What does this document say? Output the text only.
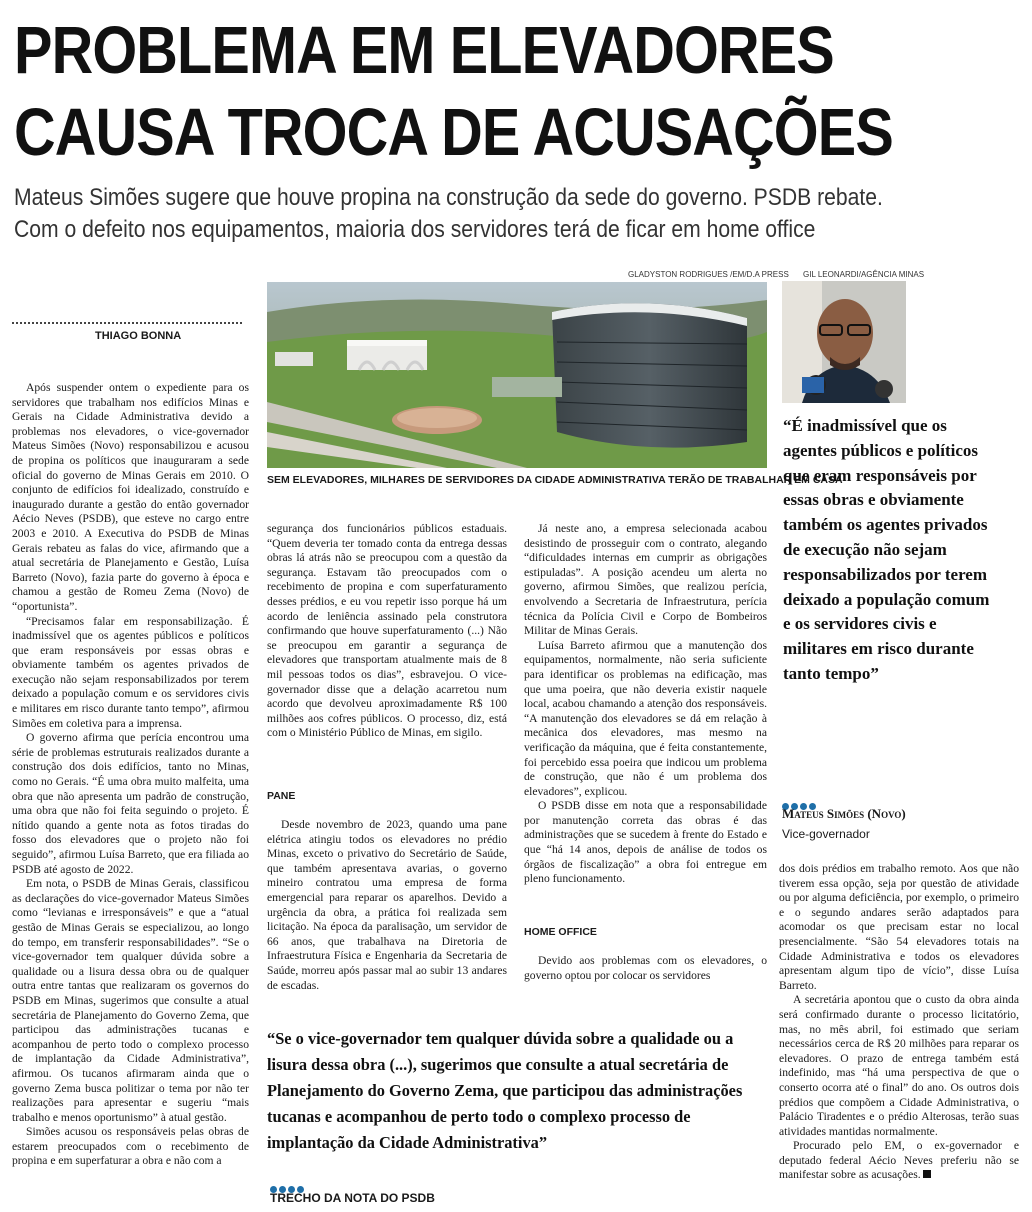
PROBLEMA EM ELEVADORES
CAUSA TROCA DE ACUSAÇÕES
Mateus Simões sugere que houve propina na construção da sede do governo. PSDB rebate.
Com o defeito nos equipamentos, maioria dos servidores terá de ficar em home office
THIAGO BONNA
GLADYSTON RODRIGUES /EM/D.A PRESS
SEM ELEVADORES, MILHARES DE SERVIDORES DA CIDADE ADMINISTRATIVA TERÃO DE TRABALHAR EM CASA
GIL LEONARDI/AGÊNCIA MINAS
“É inadmissível que os agentes públicos e políticos que eram responsáveis por essas obras e obviamente também os agentes privados de execução não sejam responsabilizados por terem deixado a população comum e os servidores civis e militares em risco durante tanto tempo”
Mateus Simões (Novo)
Vice-governador

Após suspender ontem o expediente para os servidores que trabalham nos edifícios Minas e Gerais na Cidade Administrativa devido a problemas nos elevadores, o vice-governador Mateus Simões (Novo) responsabilizou e acusou de propina os políticos que inauguraram a sede oficial do governo de Minas Gerais em 2010. O conjunto de edifícios foi idealizado, construído e inaugurado durante a gestão do então governador Aécio Neves (PSDB), que esteve no cargo entre 2003 e 2010. A Executiva do PSDB de Minas Gerais rebateu as falas do vice, afirmando que a atual secretária de Planejamento e Gestão, Luísa Barreto (Novo), fazia parte do governo à época e chamou a gestão de Romeu Zema (Novo) de “oportunista”.

“Precisamos falar em responsabilização. É inadmissível que os agentes públicos e políticos que eram responsáveis por essas obras e obviamente também os agentes privados de execução não sejam responsabilizados por terem deixado a população comum e os servidores civis e militares em risco durante tanto tempo”, afirmou Simões em coletiva para a imprensa.

O governo afirma que perícia encontrou uma série de problemas estruturais realizados durante a construção dos dois edifícios, tanto no Minas, como no Gerais. “É uma obra muito malfeita, uma obra que não apresenta um padrão de construção, uma obra que não foi feita seguindo o projeto. É nítido quando a gente nota as fotos tiradas do fosso dos elevadores que o projeto não foi seguido”, afirmou Luísa Barreto, que era filiada ao PSDB até agosto de 2022.

Em nota, o PSDB de Minas Gerais, classificou as declarações do vice-governador Mateus Simões como “levianas e irresponsáveis” e que a “atual gestão de Minas Gerais se especializou, ao longo do tempo, em transferir responsabilidades”. “Se o vice-governador tem qualquer dúvida sobre a qualidade ou a lisura dessa obra ou de qualquer outra entre tantas que realizaram os governos do PSDB em Minas, sugerimos que consulte a atual secretária de Planejamento do Governo Zema, que participou das administrações tucanas e acompanhou de perto todo o complexo processo de implantação da Cidade Administrativa”, afirmou. Os tucanos afirmaram ainda que o governo Zema busca politizar o tema por não ter realizações para apresentar e sugeriu “mais trabalho e menos oportunismo” à atual gestão.

Simões acusou os responsáveis pelas obras de estarem preocupados com o recebimento de propina e em superfaturar a obra e não com a

segurança dos funcionários públicos estaduais. “Quem deveria ter tomado conta da entrega dessas obras lá atrás não se preocupou com a questão da segurança. Estavam tão preocupados com o recebimento de propina e com superfaturamento desses prédios, e eu vou repetir isso porque há um acordo de leniência assinado pela construtora confirmando que houve superfaturamento (...) Não se preocupou em garantir a segurança de elevadores que transportam atualmente mais de 8 mil pessoas todos os dias”, esbravejou. O vice-governador disse que a delação acarretou num acordo que devolveu aproximadamente R$ 100 milhões aos cofres públicos. O processo, diz, está com o Ministério Público de Minas, em sigilo.

PANE

Desde novembro de 2023, quando uma pane elétrica atingiu todos os elevadores no prédio Minas, exceto o privativo do Secretário de Saúde, que também apresentava avarias, o governo mineiro contratou uma empresa de forma emergencial para reparar os aparelhos. Devido a urgência da obra, a prática foi realizada sem licitação. Na época da paralisação, um servidor de 66 anos, que trabalhava na Diretoria de Infraestrutura Física e Engenharia da Secretaria de Saúde, morreu após passar mal ao subir 13 andares de escadas.

Já neste ano, a empresa selecionada acabou desistindo de prosseguir com o contrato, alegando “dificuldades internas em cumprir as obrigações estipuladas”. A posição acendeu um alerta no governo, afirmou Simões, que realizou perícia, envolvendo a Secretaria de Infraestrutura, perícia técnica da Polícia Civil e Corpo de Bombeiros Militar de Minas Gerais.

Luísa Barreto afirmou que a manutenção dos equipamentos, normalmente, não seria suficiente para identificar os problemas na edificação, mas que uma poeira, que não deveria existir naquele local, acabou chamando a atenção dos responsáveis. “A manutenção dos elevadores se dá em relação à mecânica dos elevadores, mas mesmo na verificação da máquina, que é feita constantemente, foi percebido essa poeira que indicou um problema de construção, que não é um problema dos elevadores”, explicou.

O PSDB disse em nota que a responsabilidade por manutenção correta das obras é das administrações que se sucedem à frente do Estado e que “há 14 anos, depois de análise de todos os órgãos de fiscalização” a obra foi entregue em pleno funcionamento.

HOME OFFICE

Devido aos problemas com os elevadores, o governo optou por colocar os servidores

“Se o vice-governador tem qualquer dúvida sobre a qualidade ou a lisura dessa obra (...), sugerimos que consulte a atual secretária de Planejamento do Governo Zema, que participou das administrações tucanas e acompanhou de perto todo o complexo processo de implantação da Cidade Administrativa”
TRECHO DA NOTA DO PSDB

dos dois prédios em trabalho remoto. Aos que não tiverem essa opção, seja por questão de atividade ou por alguma deficiência, por exemplo, o primeiro e o segundo andares serão adaptados para acomodar os que precisam estar no local presencialmente. “São 54 elevadores totais na Cidade Administrativa e todos os elevadores apresentam algum tipo de vício”, disse Luísa Barreto.

A secretária apontou que o custo da obra ainda será confirmado durante o processo licitatório, mas, no mês abril, foi estimado que seriam necessários cerca de R$ 20 milhões para reparar os elevadores. O prazo de entrega também está indefinido, mas “há uma perspectiva de que o conserto ocorra até o final” do ano. Os outros dois prédios que compõem a Cidade Administrativa, o Palácio Tiradentes e o prédio Alterosas, terão suas atividades mantidas normalmente.

Procurado pelo EM, o ex-governador e deputado federal Aécio Neves preferiu não se manifestar sobre as acusações.
